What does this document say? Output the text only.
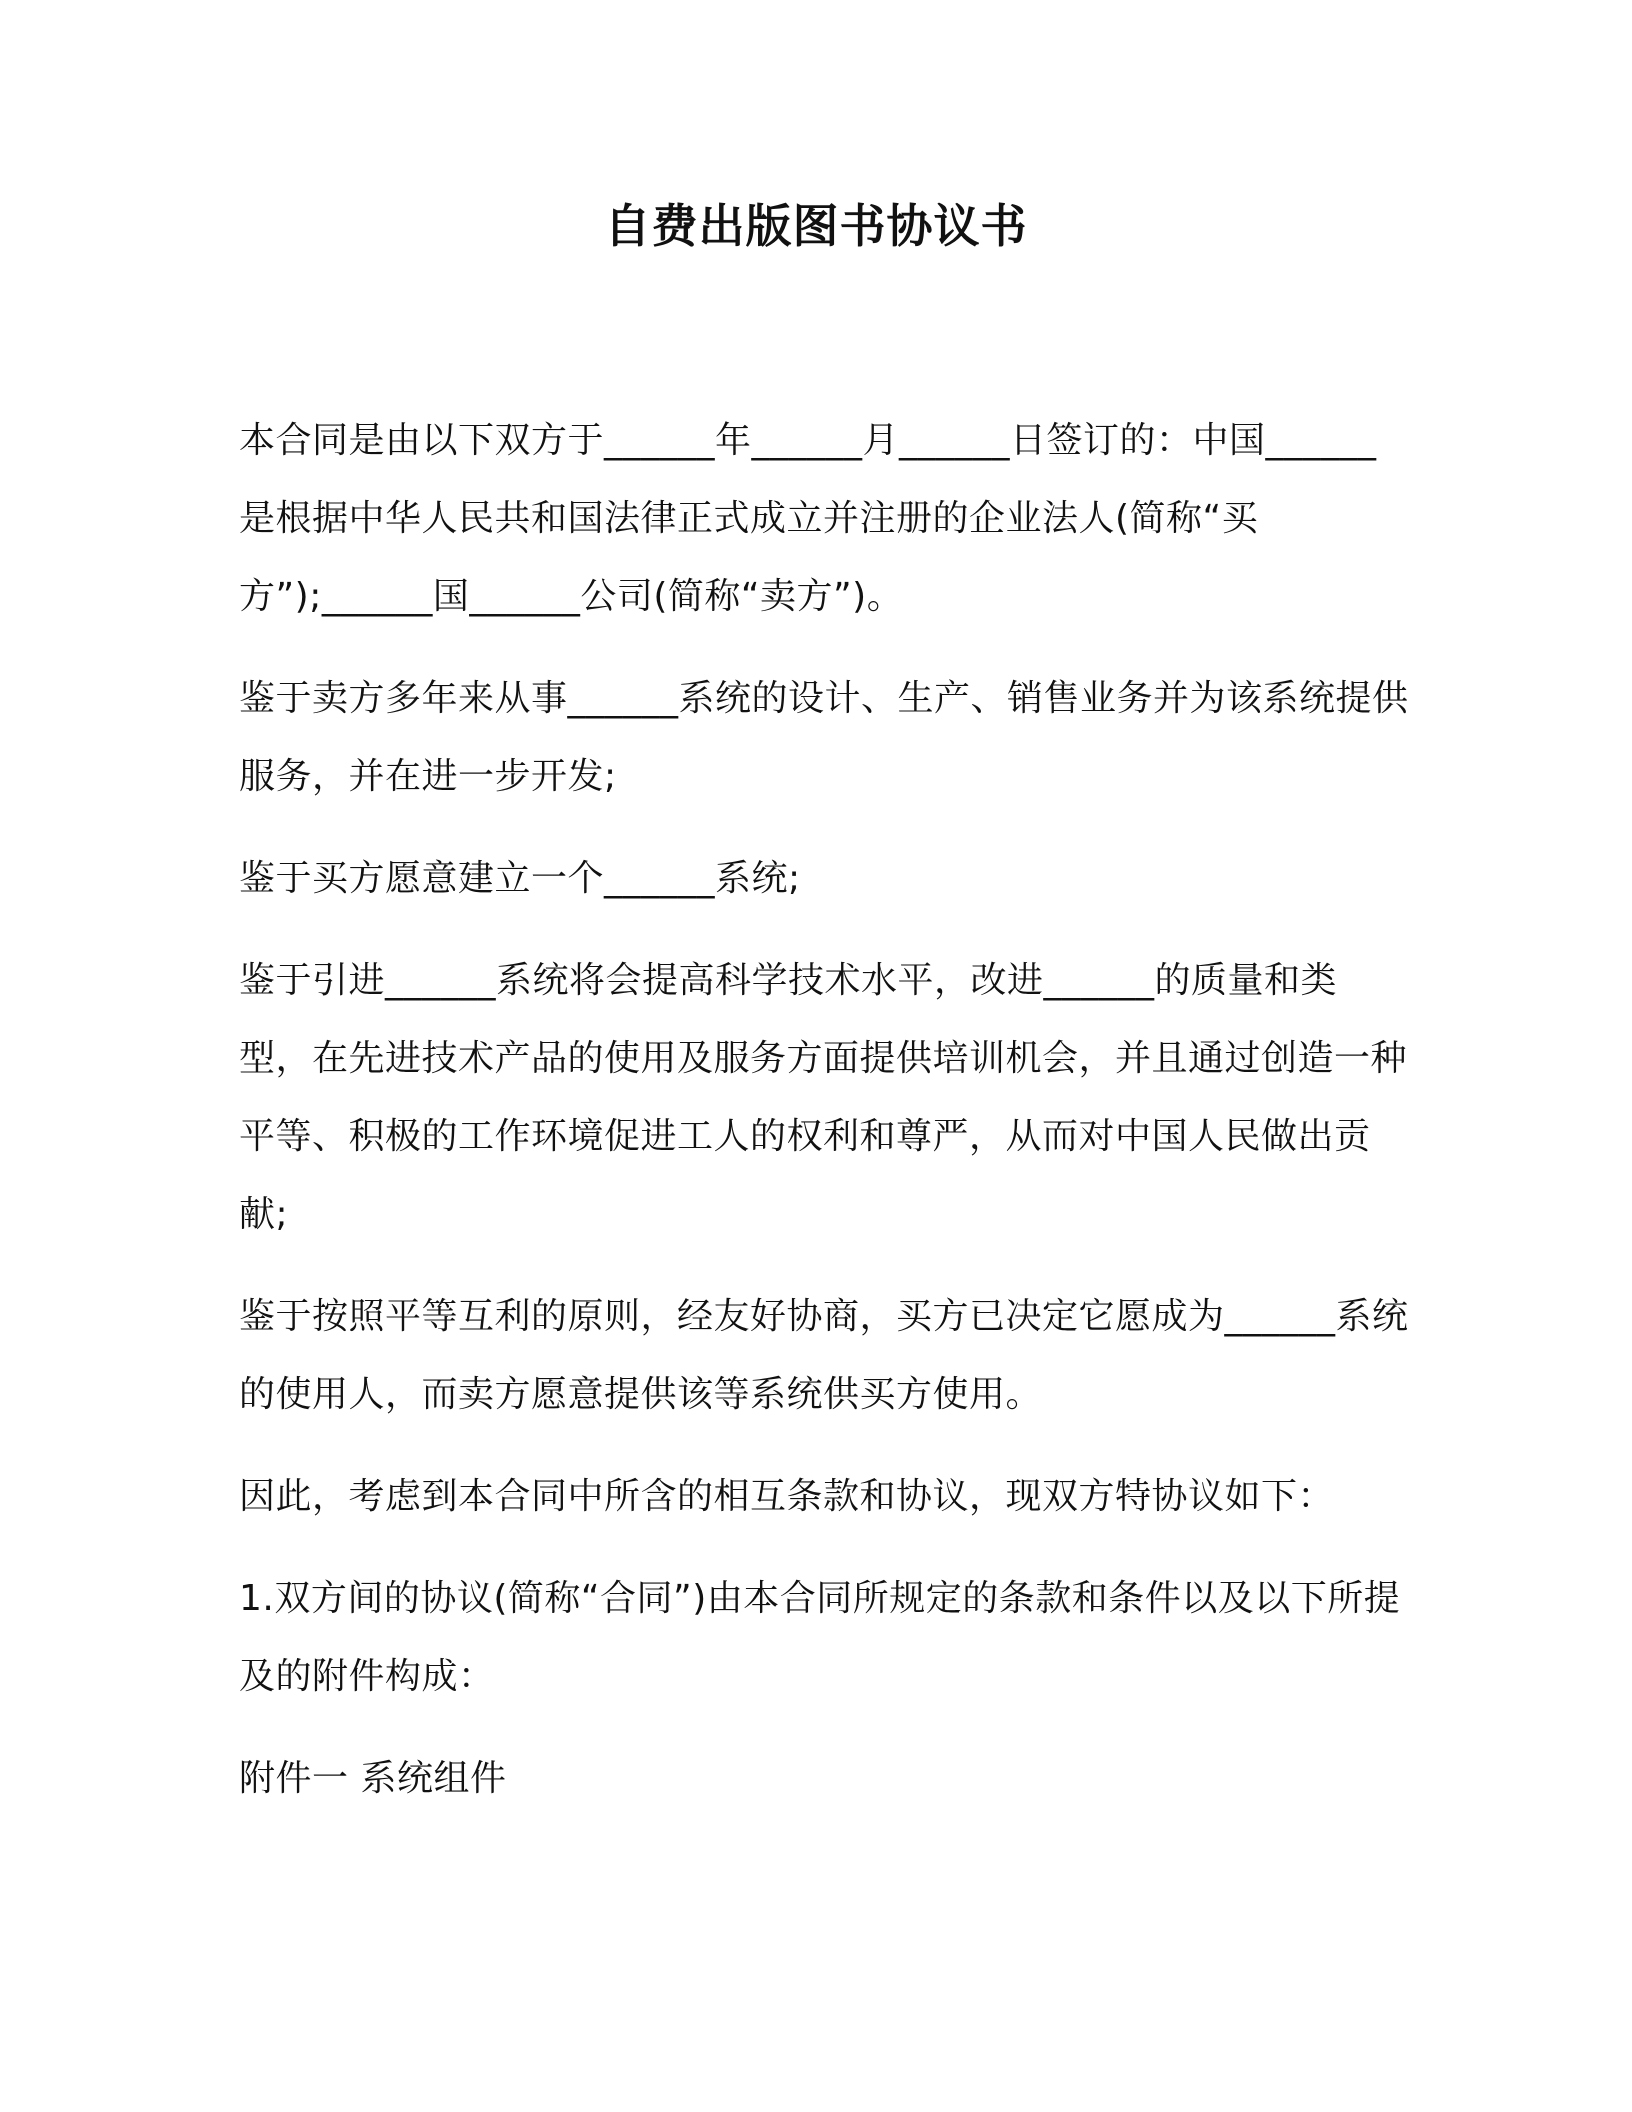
自费出版图书协议书

本合同是由以下双方于______年______月______日签订的：中国______是根据中华人民共和国法律正式成立并注册的企业法人(简称“买方”);______国______公司(简称“卖方”)。

鉴于卖方多年来从事______系统的设计、生产、销售业务并为该系统提供服务，并在进一步开发;

鉴于买方愿意建立一个______系统;

鉴于引进______系统将会提高科学技术水平，改进______的质量和类型，在先进技术产品的使用及服务方面提供培训机会，并且通过创造一种平等、积极的工作环境促进工人的权利和尊严，从而对中国人民做出贡献;

鉴于按照平等互利的原则，经友好协商，买方已决定它愿成为______系统的使用人，而卖方愿意提供该等系统供买方使用。

因此，考虑到本合同中所含的相互条款和协议，现双方特协议如下：

1.双方间的协议(简称“合同”)由本合同所规定的条款和条件以及以下所提及的附件构成：

附件一 系统组件
